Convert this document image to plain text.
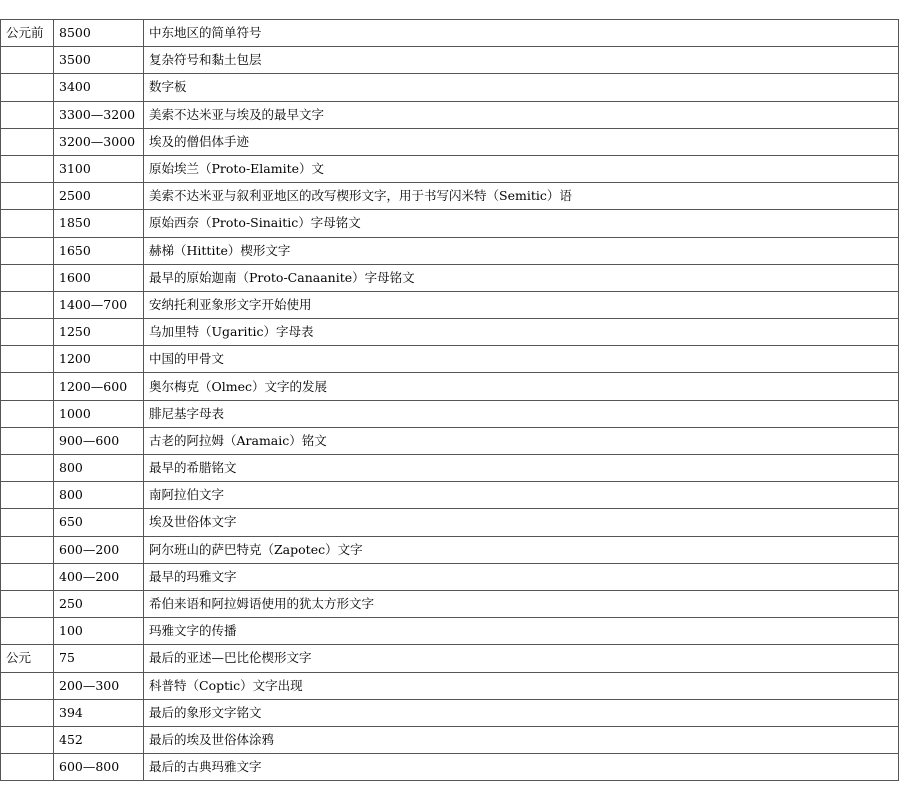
公元前	8500	中东地区的简单符号
	3500	复杂符号和黏土包层
	3400	数字板
	3300—3200	美索不达米亚与埃及的最早文字
	3200—3000	埃及的僧侣体手迹
	3100	原始埃兰（Proto-Elamite）文
	2500	美索不达米亚与叙利亚地区的改写楔形文字，用于书写闪米特（Semitic）语
	1850	原始西奈（Proto-Sinaitic）字母铭文
	1650	赫梯（Hittite）楔形文字
	1600	最早的原始迦南（Proto-Canaanite）字母铭文
	1400—700	安纳托利亚象形文字开始使用
	1250	乌加里特（Ugaritic）字母表
	1200	中国的甲骨文
	1200—600	奥尔梅克（Olmec）文字的发展
	1000	腓尼基字母表
	900—600	古老的阿拉姆（Aramaic）铭文
	800	最早的希腊铭文
	800	南阿拉伯文字
	650	埃及世俗体文字
	600—200	阿尔班山的萨巴特克（Zapotec）文字
	400—200	最早的玛雅文字
	250	希伯来语和阿拉姆语使用的犹太方形文字
	100	玛雅文字的传播
公元	75	最后的亚述—巴比伦楔形文字
	200—300	科普特（Coptic）文字出现
	394	最后的象形文字铭文
	452	最后的埃及世俗体涂鸦
	600—800	最后的古典玛雅文字
